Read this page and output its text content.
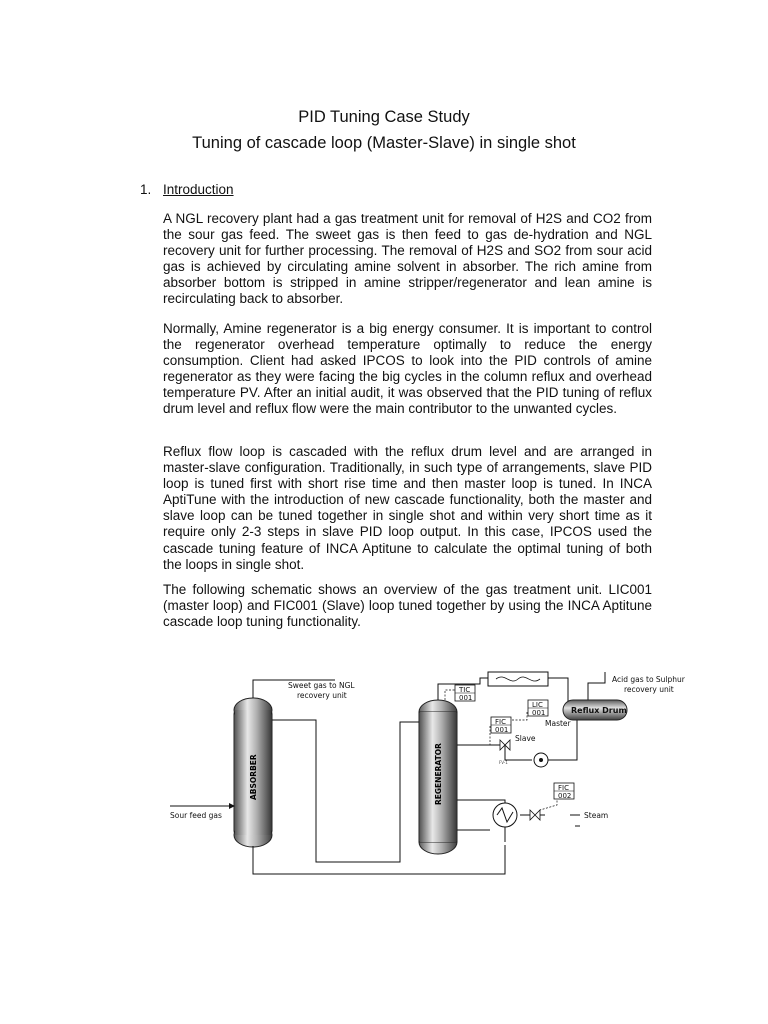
PID Tuning Case Study
Tuning of cascade loop (Master-Slave) in single shot
1. Introduction

A NGL recovery plant had a gas treatment unit for removal of H2S and CO2 from the sour gas feed. The sweet gas is then feed to gas de-hydration and NGL recovery unit for further processing. The removal of H2S and SO2 from sour acid gas is achieved by circulating amine solvent in absorber. The rich amine from absorber bottom is stripped in amine stripper/regenerator and lean amine is recirculating back to absorber.

Normally, Amine regenerator is a big energy consumer. It is important to control the regenerator overhead temperature optimally to reduce the energy consumption. Client had asked IPCOS to look into the PID controls of amine regenerator as they were facing the big cycles in the column reflux and overhead temperature PV. After an initial audit, it was observed that the PID tuning of reflux drum level and reflux flow were the main contributor to the unwanted cycles.

Reflux flow loop is cascaded with the reflux drum level and are arranged in master-slave configuration. Traditionally, in such type of arrangements, slave PID loop is tuned first with short rise time and then master loop is tuned. In INCA AptiTune with the introduction of new cascade functionality, both the master and slave loop can be tuned together in single shot and within very short time as it require only 2-3 steps in slave PID loop output. In this case, IPCOS used the cascade tuning feature of INCA Aptitune to calculate the optimal tuning of both the loops in single shot.

The following schematic shows an overview of the gas treatment unit. LIC001 (master loop) and FIC001 (Slave) loop tuned together by using the INCA Aptitune cascade loop tuning functionality.

ABSORBER	REGENERATOR
Reflux Drum
FV-1
TIC
001
LIC
001
FIC
001
FIC
002
Sweet gas to NGL
recovery unit
Acid gas to Sulphur
recovery unit
Sour feed gas	Steam
Master
Slave
